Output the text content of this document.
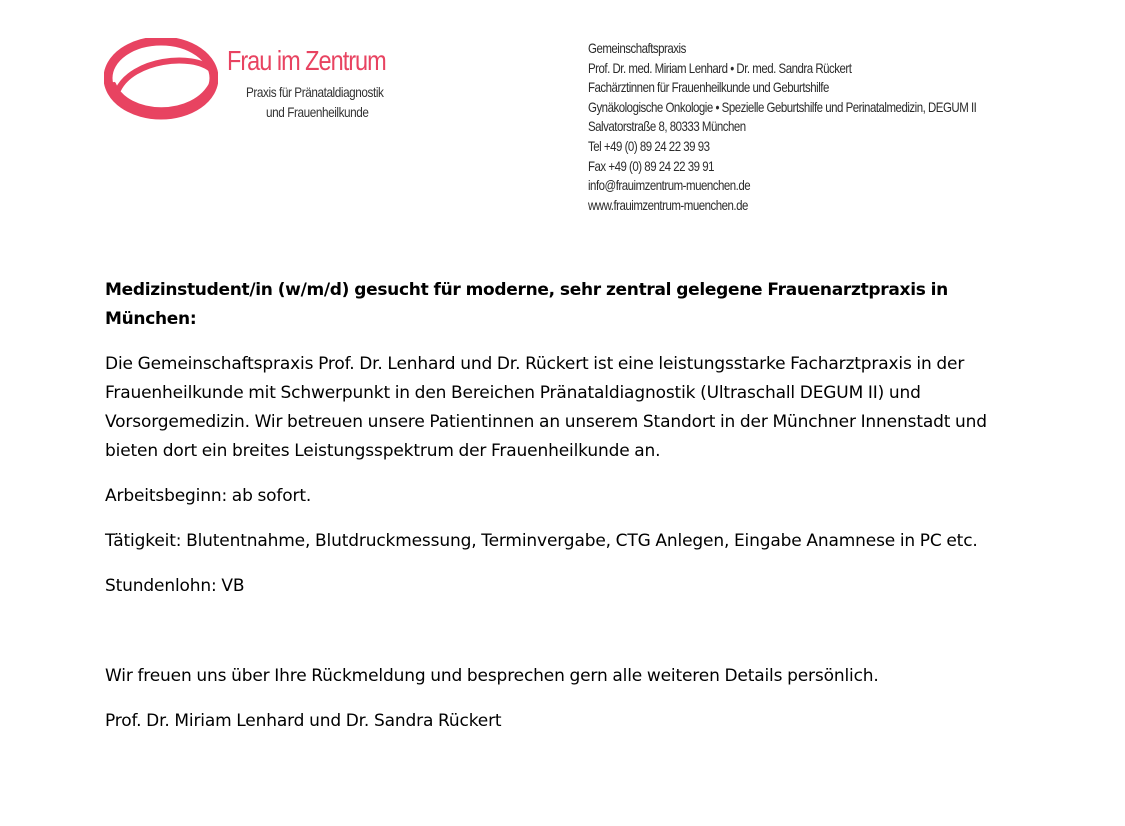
Frau im Zentrum
Praxis für Pränataldiagnostik
und Frauenheilkunde
Gemeinschaftspraxis
Prof. Dr. med. Miriam Lenhard • Dr. med. Sandra Rückert
Fachärztinnen für Frauenheilkunde und Geburtshilfe
Gynäkologische Onkologie • Spezielle Geburtshilfe und Perinatalmedizin, DEGUM II
Salvatorstraße 8, 80333 München
Tel +49 (0) 89 24 22 39 93
Fax +49 (0) 89 24 22 39 91
info@frauimzentrum-muenchen.de
www.frauimzentrum-muenchen.de

Medizinstudent/in (w/m/d) gesucht für moderne, sehr zentral gelegene Frauenarztpraxis in München:

Die Gemeinschaftspraxis Prof. Dr. Lenhard und Dr. Rückert ist eine leistungsstarke Facharztpraxis in der Frauenheilkunde mit Schwerpunkt in den Bereichen Pränataldiagnostik (Ultraschall DEGUM II) und Vorsorgemedizin. Wir betreuen unsere Patientinnen an unserem Standort in der Münchner Innenstadt und bieten dort ein breites Leistungsspektrum der Frauenheilkunde an.

Arbeitsbeginn: ab sofort.

Tätigkeit: Blutentnahme, Blutdruckmessung, Terminvergabe, CTG Anlegen, Eingabe Anamnese in PC etc.

Stundenlohn: VB

Wir freuen uns über Ihre Rückmeldung und besprechen gern alle weiteren Details persönlich.

Prof. Dr. Miriam Lenhard und Dr. Sandra Rückert
